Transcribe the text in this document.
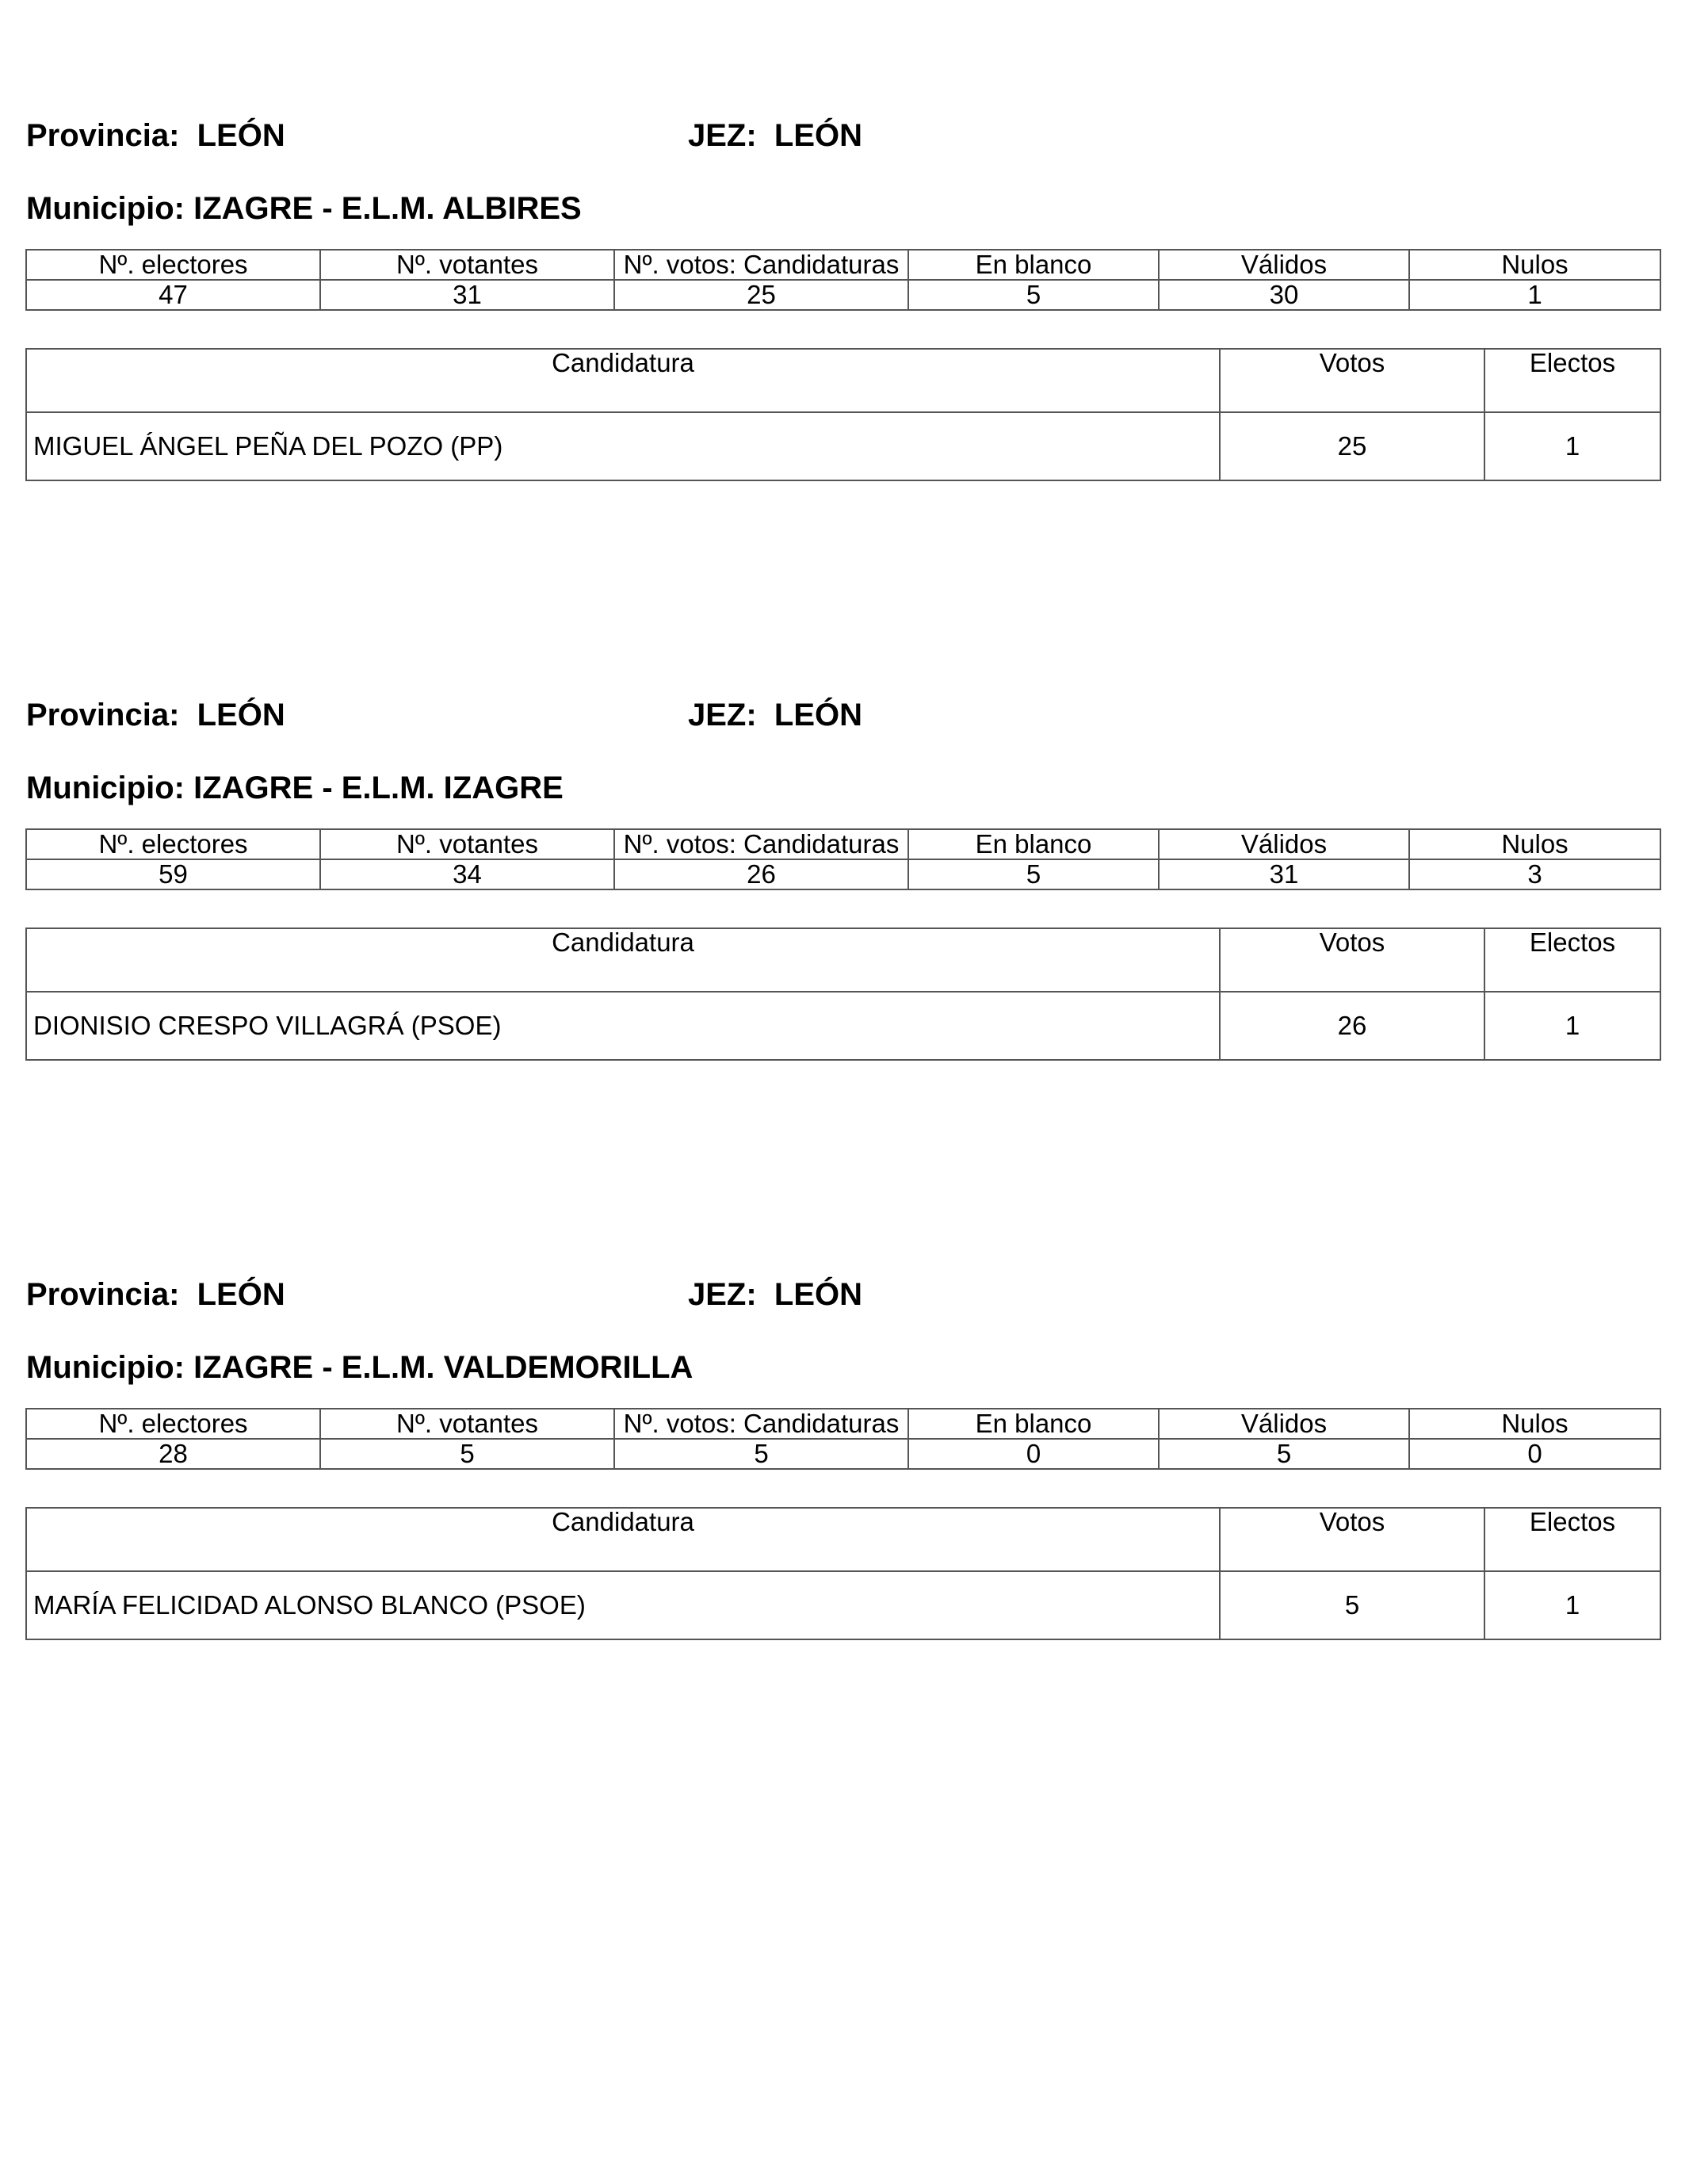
Provincia: LEÓN	JEZ: LEÓN
Municipio: IZAGRE - E.L.M. ALBIRES
Nº. electores	Nº. votantes	Nº. votos: Candidaturas	En blanco	Válidos	Nulos
47	31	25	5	30	1
Candidatura	Votos	Electos
MIGUEL ÁNGEL PEÑA DEL POZO (PP)	25	1
Provincia: LEÓN	JEZ: LEÓN
Municipio: IZAGRE - E.L.M. IZAGRE
Nº. electores	Nº. votantes	Nº. votos: Candidaturas	En blanco	Válidos	Nulos
59	34	26	5	31	3
Candidatura	Votos	Electos
DIONISIO CRESPO VILLAGRÁ (PSOE)	26	1
Provincia: LEÓN	JEZ: LEÓN
Municipio: IZAGRE - E.L.M. VALDEMORILLA
Nº. electores	Nº. votantes	Nº. votos: Candidaturas	En blanco	Válidos	Nulos
28	5	5	0	5	0
Candidatura	Votos	Electos
MARÍA FELICIDAD ALONSO BLANCO (PSOE)	5	1
